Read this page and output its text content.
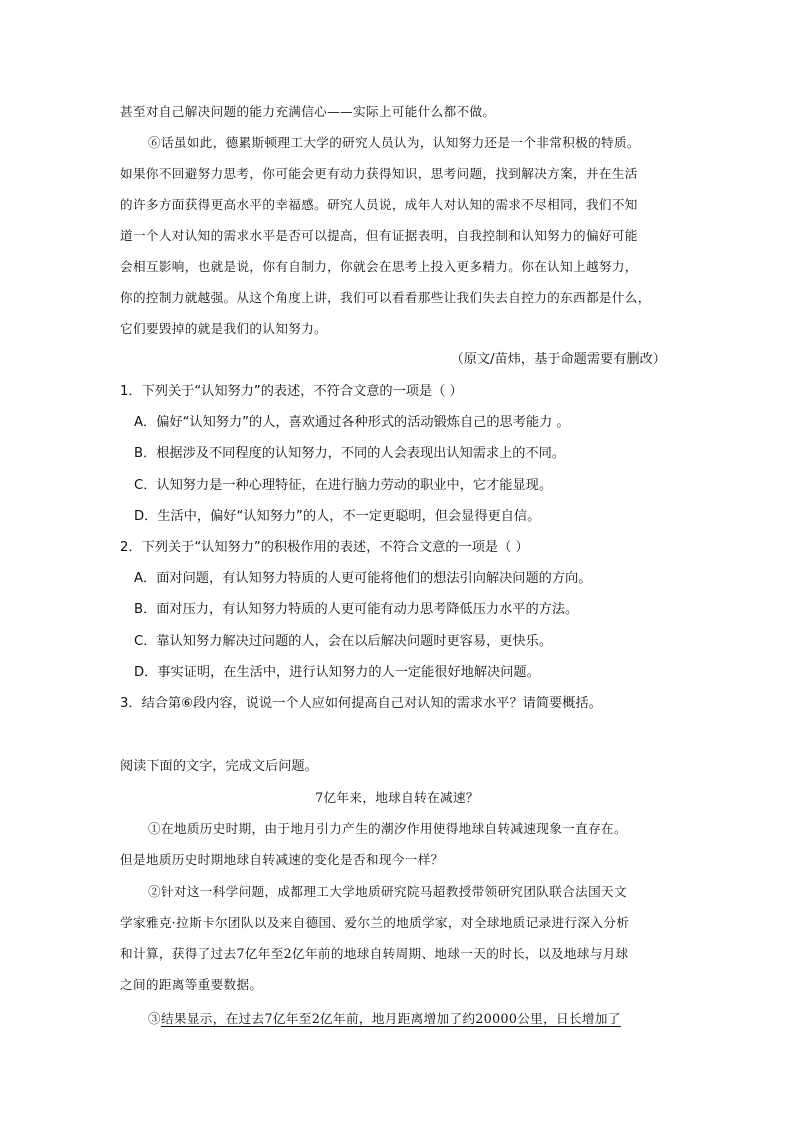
甚至对自己解决问题的能力充满信心——实际上可能什么都不做。
⑥话虽如此，德累斯顿理工大学的研究人员认为，认知努力还是一个非常积极的特质。
如果你不回避努力思考，你可能会更有动力获得知识，思考问题，找到解决方案，并在生活
的许多方面获得更高水平的幸福感。研究人员说，成年人对认知的需求不尽相同，我们不知
道一个人对认知的需求水平是否可以提高，但有证据表明，自我控制和认知努力的偏好可能
会相互影响，也就是说，你有自制力，你就会在思考上投入更多精力。你在认知上越努力，
你的控制力就越强。从这个角度上讲，我们可以看看那些让我们失去自控力的东西都是什么，
它们要毁掉的就是我们的认知努力。
（原文/苗炜，基于命题需要有删改）
1．下列关于“认知努力”的表述，不符合文意的一项是（ ）
A．偏好“认知努力”的人，喜欢通过各种形式的活动锻炼自己的思考能力 。
B．根据涉及不同程度的认知努力，不同的人会表现出认知需求上的不同。
C．认知努力是一种心理特征，在进行脑力劳动的职业中，它才能显现。
D．生活中，偏好“认知努力”的人，不一定更聪明，但会显得更自信。
2．下列关于“认知努力”的积极作用的表述，不符合文意的一项是（ ）
A．面对问题，有认知努力特质的人更可能将他们的想法引向解决问题的方向。
B．面对压力，有认知努力特质的人更可能有动力思考降低压力水平的方法。
C．靠认知努力解决过问题的人，会在以后解决问题时更容易，更快乐。
D．事实证明，在生活中，进行认知努力的人一定能很好地解决问题。
3．结合第⑥段内容，说说一个人应如何提高自己对认知的需求水平？请简要概括。
阅读下面的文字，完成文后问题。
7亿年来，地球自转在减速？
①在地质历史时期，由于地月引力产生的潮汐作用使得地球自转减速现象一直存在。
但是地质历史时期地球自转减速的变化是否和现今一样？
②针对这一科学问题，成都理工大学地质研究院马超教授带领研究团队联合法国天文
学家雅克·拉斯卡尔团队以及来自德国、爱尔兰的地质学家，对全球地质记录进行深入分析
和计算，获得了过去7亿年至2亿年前的地球自转周期、地球一天的时长，以及地球与月球
之间的距离等重要数据。
③结果显示，在过去7亿年至2亿年前，地月距离增加了约20000公里，日长增加了
